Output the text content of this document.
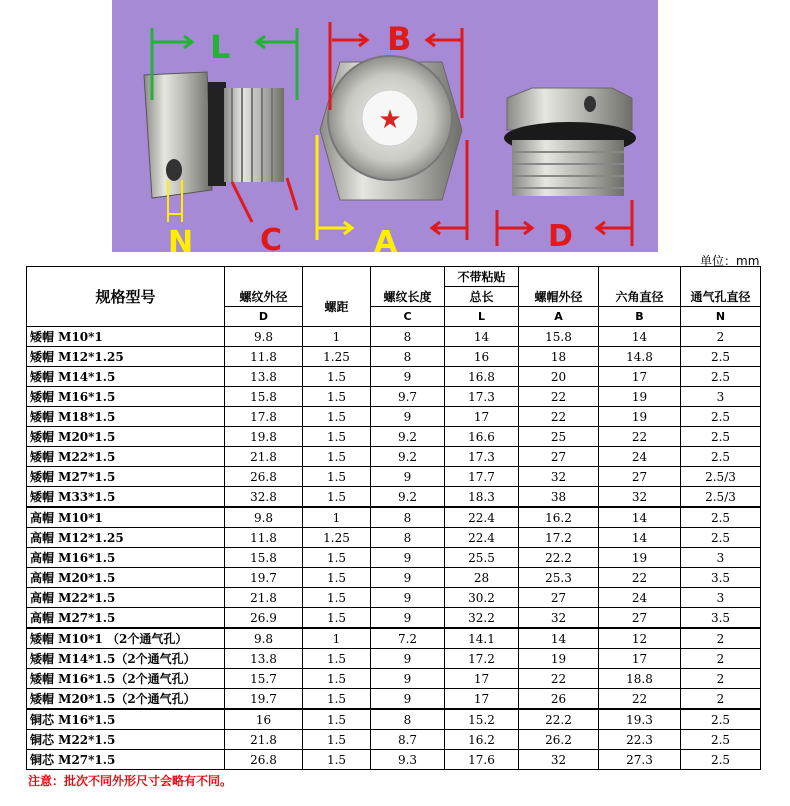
L
N C
★
B
A	D
单位：mm
规格型号				不带粘贴			
	螺纹外径	螺距	螺纹长度	总长	螺帽外径	六角直径	通气孔直径
	D		C	L	A	B	N
矮帽 M10*1	9.8	1	8	14	15.8	14	2
矮帽 M12*1.25	11.8	1.25	8	16	18	14.8	2.5
矮帽 M14*1.5	13.8	1.5	9	16.8	20	17	2.5
矮帽 M16*1.5	15.8	1.5	9.7	17.3	22	19	3
矮帽 M18*1.5	17.8	1.5	9	17	22	19	2.5
矮帽 M20*1.5	19.8	1.5	9.2	16.6	25	22	2.5
矮帽 M22*1.5	21.8	1.5	9.2	17.3	27	24	2.5
矮帽 M27*1.5	26.8	1.5	9	17.7	32	27	2.5/3
矮帽 M33*1.5	32.8	1.5	9.2	18.3	38	32	2.5/3
高帽 M10*1	9.8	1	8	22.4	16.2	14	2.5
高帽 M12*1.25	11.8	1.25	8	22.4	17.2	14	2.5
高帽 M16*1.5	15.8	1.5	9	25.5	22.2	19	3
高帽 M20*1.5	19.7	1.5	9	28	25.3	22	3.5
高帽 M22*1.5	21.8	1.5	9	30.2	27	24	3
高帽 M27*1.5	26.9	1.5	9	32.2	32	27	3.5
矮帽 M10*1 （2个通气孔）	9.8	1	7.2	14.1	14	12	2
矮帽 M14*1.5（2个通气孔）	13.8	1.5	9	17.2	19	17	2
矮帽 M16*1.5（2个通气孔）	15.7	1.5	9	17	22	18.8	2
矮帽 M20*1.5（2个通气孔）	19.7	1.5	9	17	26	22	2
铜芯 M16*1.5	16	1.5	8	15.2	22.2	19.3	2.5
铜芯 M22*1.5	21.8	1.5	8.7	16.2	26.2	22.3	2.5
铜芯 M27*1.5	26.8	1.5	9.3	17.6	32	27.3	2.5
注意：批次不同外形尺寸会略有不同。
